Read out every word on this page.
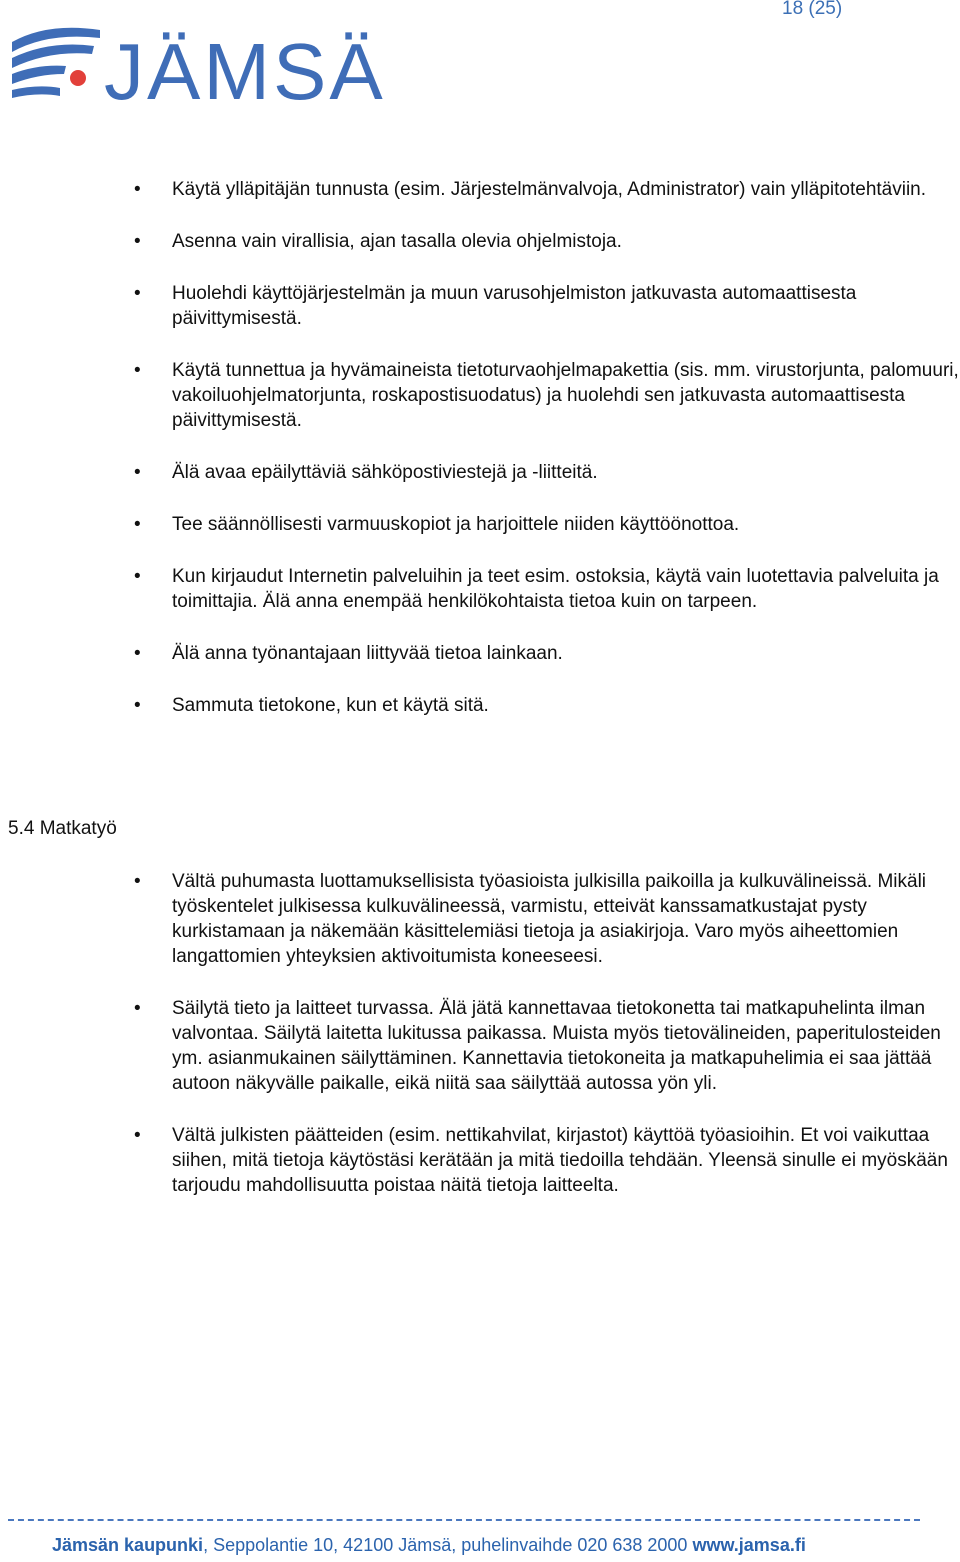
18 (25)
JÄMSÄ
• Käytä ylläpitäjän tunnusta (esim. Järjestelmänvalvoja, Administrator) vain ylläpitotehtäviin.
• Asenna vain virallisia, ajan tasalla olevia ohjelmistoja.
• Huolehdi käyttöjärjestelmän ja muun varusohjelmiston jatkuvasta automaattisesta päivittymisestä.
• Käytä tunnettua ja hyvämaineista tietoturvaohjelmapakettia (sis. mm. virustorjunta, palomuuri, vakoiluohjelmatorjunta, roskapostisuodatus) ja huolehdi sen jatkuvasta automaattisesta päivittymisestä.
• Älä avaa epäilyttäviä sähköpostiviestejä ja -liitteitä.
• Tee säännöllisesti varmuuskopiot ja harjoittele niiden käyttöönottoa.
• Kun kirjaudut Internetin palveluihin ja teet esim. ostoksia, käytä vain luotettavia palveluita ja toimittajia. Älä anna enempää henkilökohtaista tietoa kuin on tarpeen.
• Älä anna työnantajaan liittyvää tietoa lainkaan.
• Sammuta tietokone, kun et käytä sitä.
5.4 Matkatyö
• Vältä puhumasta luottamuksellisista työasioista julkisilla paikoilla ja kulkuvälineissä. Mikäli työskentelet julkisessa kulkuvälineessä, varmistu, etteivät kanssamatkustajat pysty kurkistamaan ja näkemään käsittelemiäsi tietoja ja asiakirjoja. Varo myös aiheettomien langattomien yhteyksien aktivoitumista koneeseesi.
• Säilytä tieto ja laitteet turvassa. Älä jätä kannettavaa tietokonetta tai matkapuhelinta ilman valvontaa. Säilytä laitetta lukitussa paikassa. Muista myös tietovälineiden, paperitulosteiden ym. asianmukainen säilyttäminen. Kannettavia tietokoneita ja matkapuhelimia ei saa jättää autoon näkyvälle paikalle, eikä niitä saa säilyttää autossa yön yli.
• Vältä julkisten päätteiden (esim. nettikahvilat, kirjastot) käyttöä työasioihin. Et voi vaikuttaa siihen, mitä tietoja käytöstäsi kerätään ja mitä tiedoilla tehdään. Yleensä sinulle ei myöskään tarjoudu mahdollisuutta poistaa näitä tietoja laitteelta.
Jämsän kaupunki, Seppolantie 10, 42100 Jämsä, puhelinvaihde 020 638 2000 www.jamsa.fi
